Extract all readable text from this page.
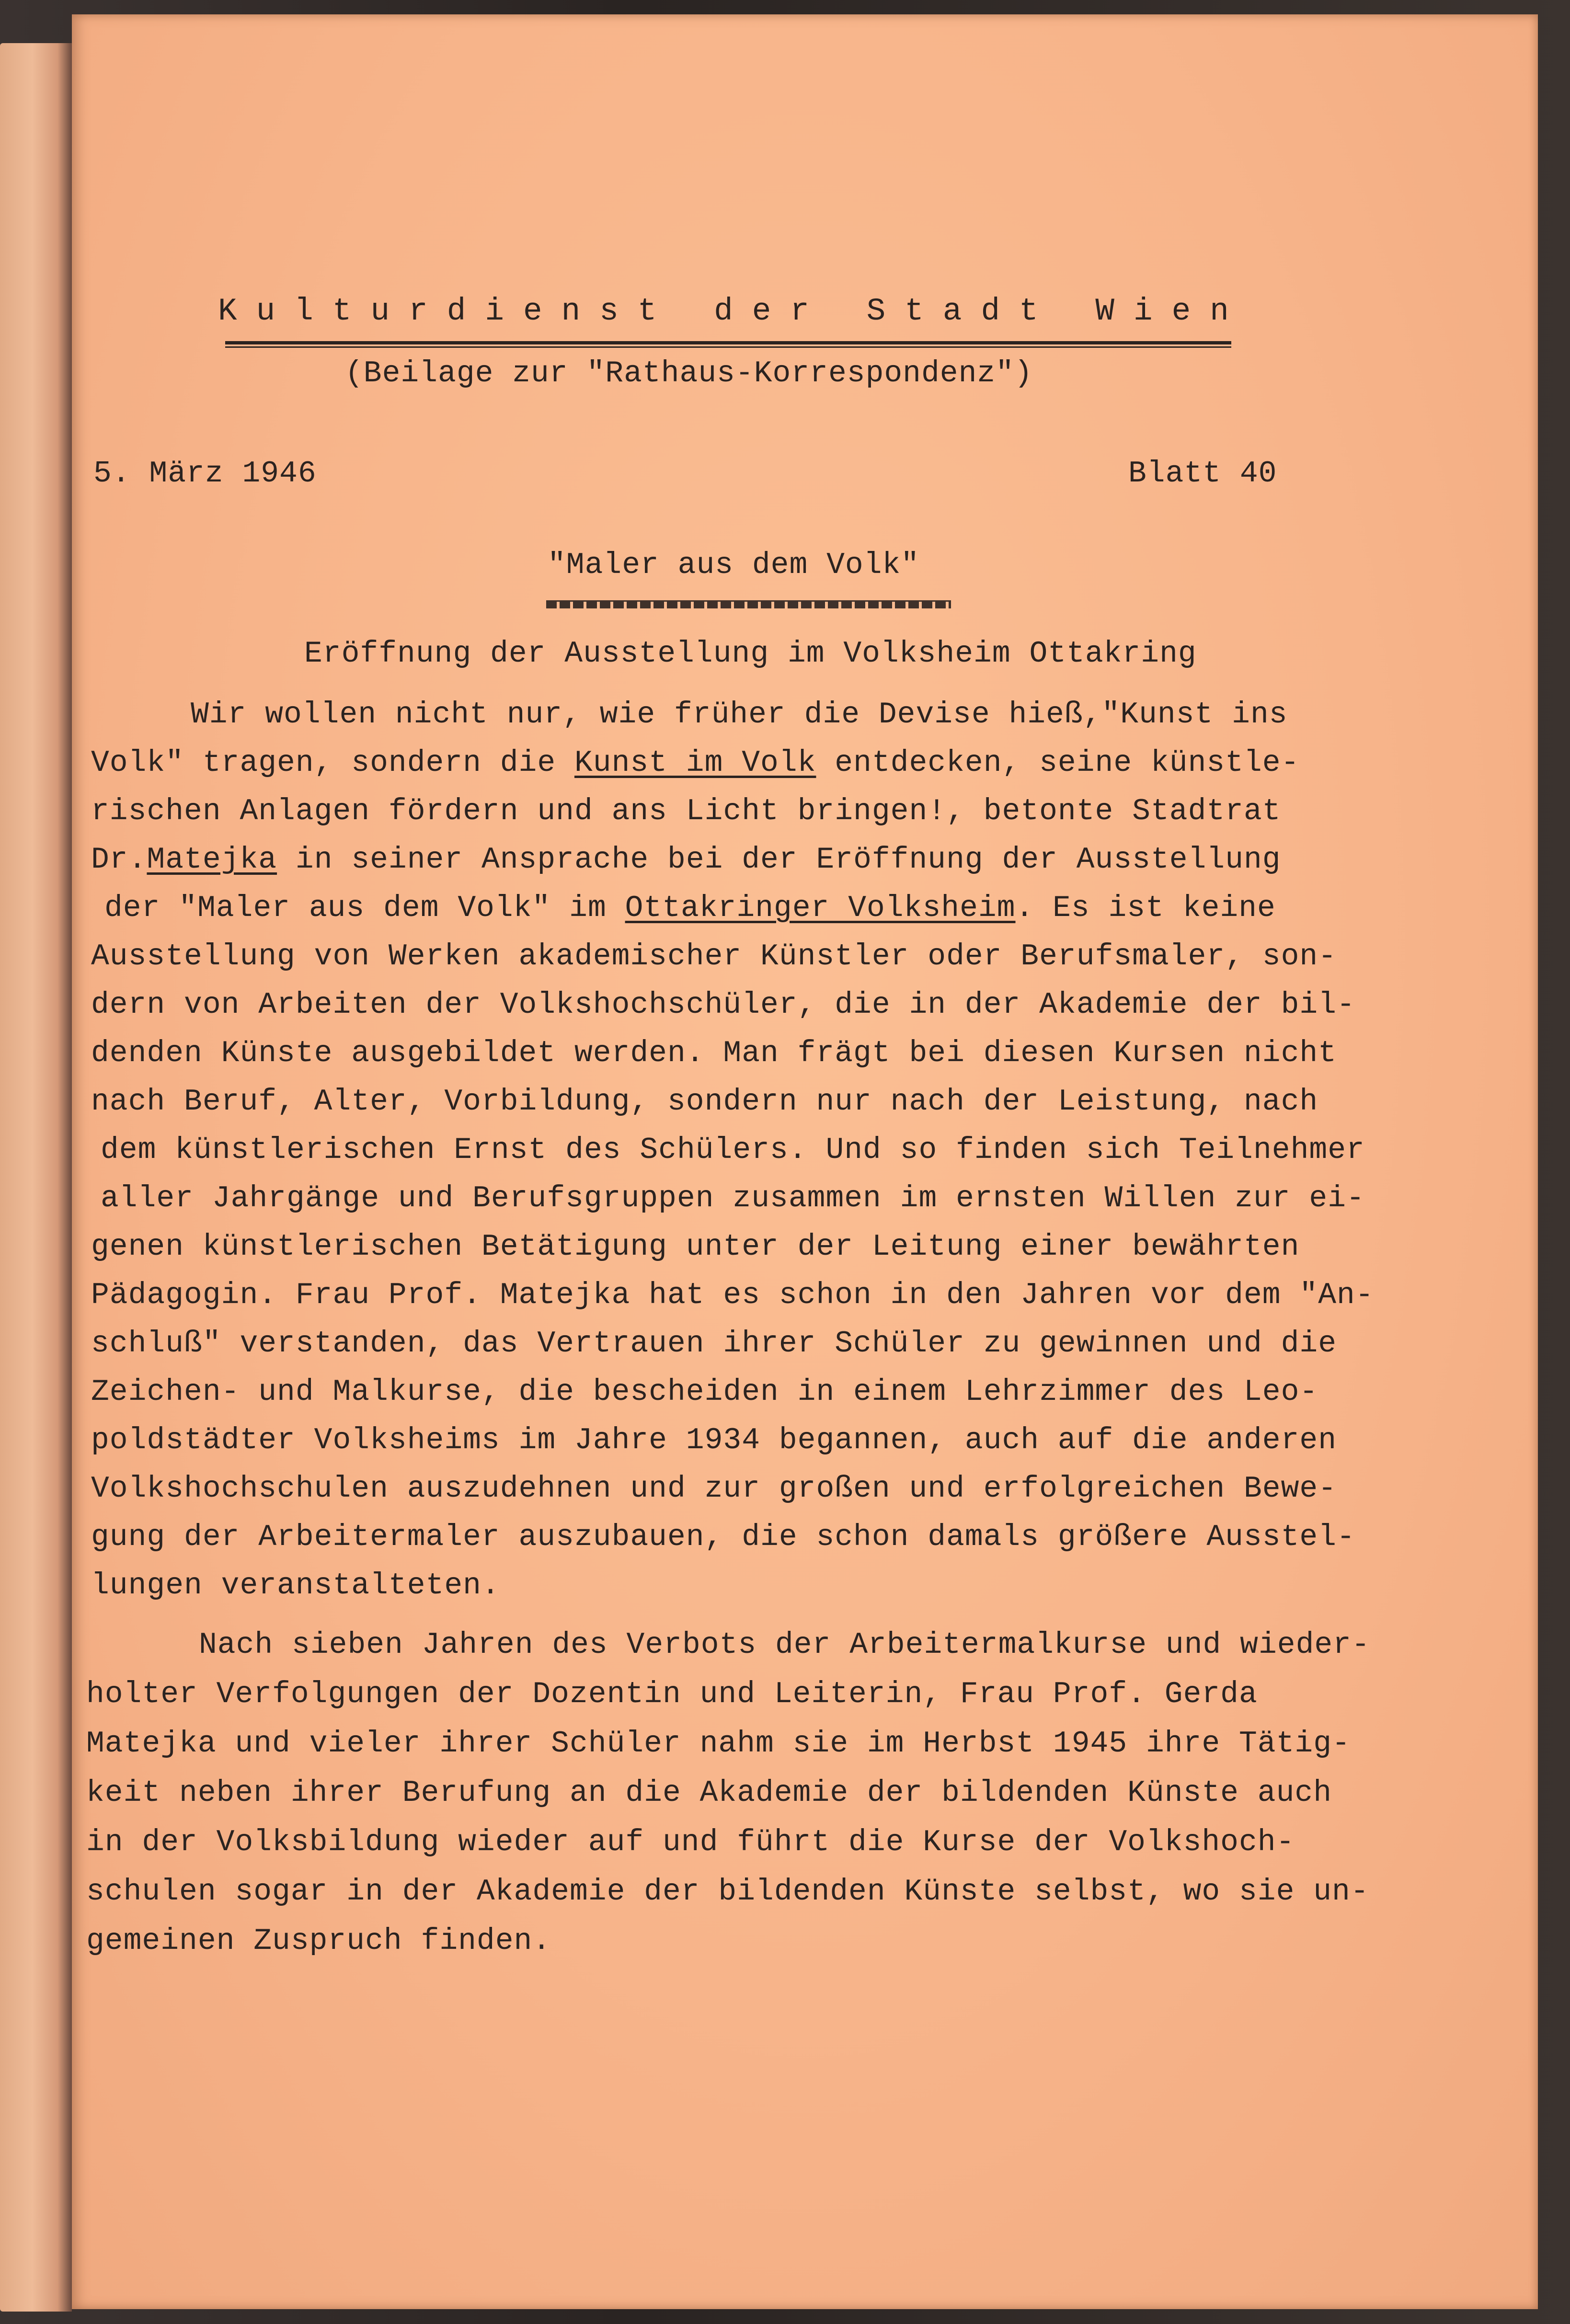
K u l t u r d i e n s t
d e r
S t a d t
W i e n
(Beilage zur "Rathaus-Korrespondenz")
5. März 1946	Blatt 40
"Maler aus dem Volk"
Eröffnung der Ausstellung im Volksheim Ottakring
Wir wollen nicht nur, wie früher die Devise hieß,"Kunst ins
Volk" tragen, sondern die Kunst im Volk entdecken, seine künstle-
rischen Anlagen fördern und ans Licht bringen!, betonte Stadtrat
Dr.Matejka in seiner Ansprache bei der Eröffnung der Ausstellung
der "Maler aus dem Volk" im Ottakringer Volksheim. Es ist keine
Ausstellung von Werken akademischer Künstler oder Berufsmaler, son-
dern von Arbeiten der Volkshochschüler, die in der Akademie der bil-
denden Künste ausgebildet werden. Man frägt bei diesen Kursen nicht
nach Beruf, Alter, Vorbildung, sondern nur nach der Leistung, nach
dem künstlerischen Ernst des Schülers. Und so finden sich Teilnehmer
aller Jahrgänge und Berufsgruppen zusammen im ernsten Willen zur ei-
genen künstlerischen Betätigung unter der Leitung einer bewährten
Pädagogin. Frau Prof. Matejka hat es schon in den Jahren vor dem "An-
schluß" verstanden, das Vertrauen ihrer Schüler zu gewinnen und die
Zeichen- und Malkurse, die bescheiden in einem Lehrzimmer des Leo-
poldstädter Volksheims im Jahre 1934 begannen, auch auf die anderen
Volkshochschulen auszudehnen und zur großen und erfolgreichen Bewe-
gung der Arbeitermaler auszubauen, die schon damals größere Ausstel-
lungen veranstalteten.
Nach sieben Jahren des Verbots der Arbeitermalkurse und wieder-
holter Verfolgungen der Dozentin und Leiterin, Frau Prof. Gerda
Matejka und vieler ihrer Schüler nahm sie im Herbst 1945 ihre Tätig-
keit neben ihrer Berufung an die Akademie der bildenden Künste auch
in der Volksbildung wieder auf und führt die Kurse der Volkshoch-
schulen sogar in der Akademie der bildenden Künste selbst, wo sie un-
gemeinen Zuspruch finden.
